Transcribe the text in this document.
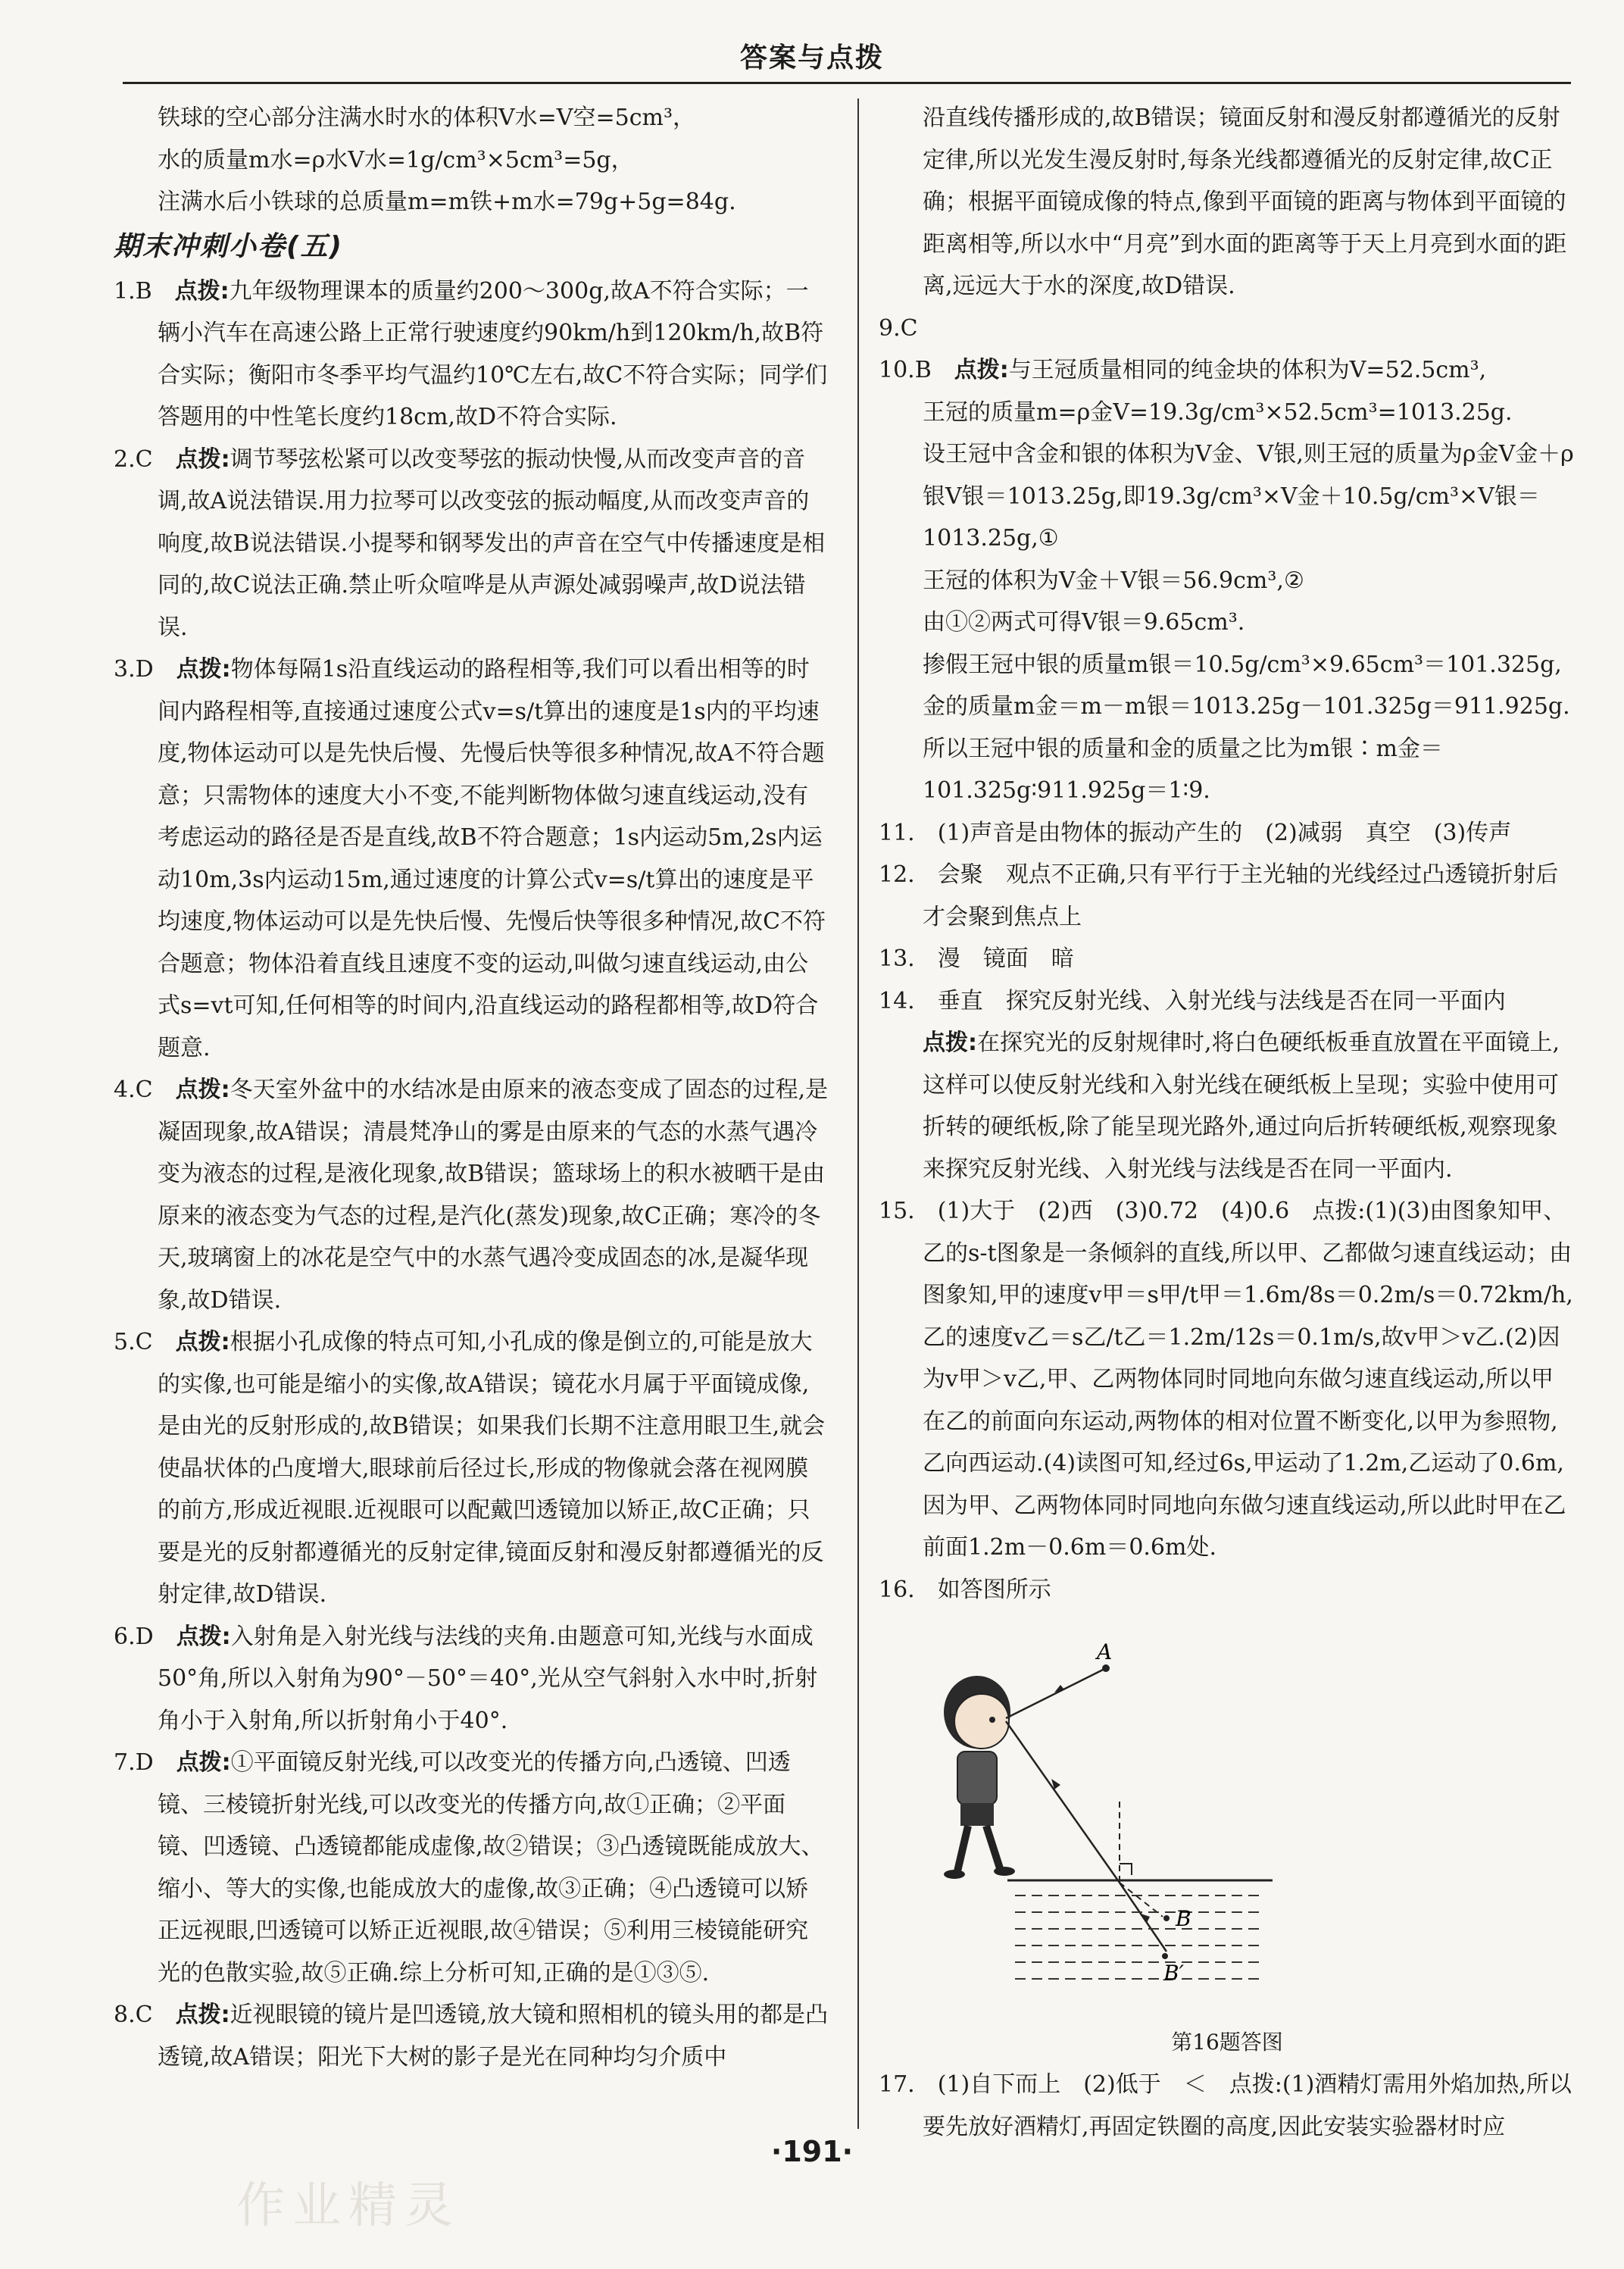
答案与点拨

铁球的空心部分注满水时水的体积V水=V空=5cm³，

水的质量m水=ρ水V水=1g/cm³×5cm³=5g，

注满水后小铁球的总质量m=m铁+m水=79g+5g=84g.

期末冲刺小卷(五)

1.B　 点拨:九年级物理课本的质量约200～300g,故A不符合实际；一辆小汽车在高速公路上正常行驶速度约90km/h到120km/h,故B符合实际；衡阳市冬季平均气温约10℃左右,故C不符合实际；同学们答题用的中性笔长度约18cm,故D不符合实际.

2.C　 点拨:调节琴弦松紧可以改变琴弦的振动快慢,从而改变声音的音调,故A说法错误.用力拉琴可以改变弦的振动幅度,从而改变声音的响度,故B说法错误.小提琴和钢琴发出的声音在空气中传播速度是相同的,故C说法正确.禁止听众喧哗是从声源处减弱噪声,故D说法错误.

3.D　 点拨:物体每隔1s沿直线运动的路程相等,我们可以看出相等的时间内路程相等,直接通过速度公式v=s/t算出的速度是1s内的平均速度,物体运动可以是先快后慢、先慢后快等很多种情况,故A不符合题意；只需物体的速度大小不变,不能判断物体做匀速直线运动,没有考虑运动的路径是否是直线,故B不符合题意；1s内运动5m,2s内运动10m,3s内运动15m,通过速度的计算公式v=s/t算出的速度是平均速度,物体运动可以是先快后慢、先慢后快等很多种情况,故C不符合题意；物体沿着直线且速度不变的运动,叫做匀速直线运动,由公式s=vt可知,任何相等的时间内,沿直线运动的路程都相等,故D符合题意.

4.C　 点拨:冬天室外盆中的水结冰是由原来的液态变成了固态的过程,是凝固现象,故A错误；清晨梵净山的雾是由原来的气态的水蒸气遇冷变为液态的过程,是液化现象,故B错误；篮球场上的积水被晒干是由原来的液态变为气态的过程,是汽化(蒸发)现象,故C正确；寒冷的冬天,玻璃窗上的冰花是空气中的水蒸气遇冷变成固态的冰,是凝华现象,故D错误.

5.C　 点拨:根据小孔成像的特点可知,小孔成的像是倒立的,可能是放大的实像,也可能是缩小的实像,故A错误；镜花水月属于平面镜成像,是由光的反射形成的,故B错误；如果我们长期不注意用眼卫生,就会使晶状体的凸度增大,眼球前后径过长,形成的物像就会落在视网膜的前方,形成近视眼.近视眼可以配戴凹透镜加以矫正,故C正确；只要是光的反射都遵循光的反射定律,镜面反射和漫反射都遵循光的反射定律,故D错误.

6.D　 点拨:入射角是入射光线与法线的夹角.由题意可知,光线与水面成50°角,所以入射角为90°－50°＝40°,光从空气斜射入水中时,折射角小于入射角,所以折射角小于40°.

7.D　 点拨:①平面镜反射光线,可以改变光的传播方向,凸透镜、凹透镜、三棱镜折射光线,可以改变光的传播方向,故①正确；②平面镜、凹透镜、凸透镜都能成虚像,故②错误；③凸透镜既能成放大、缩小、等大的实像,也能成放大的虚像,故③正确；④凸透镜可以矫正远视眼,凹透镜可以矫正近视眼,故④错误；⑤利用三棱镜能研究光的色散实验,故⑤正确.综上分析可知,正确的是①③⑤.

8.C　 点拨:近视眼镜的镜片是凹透镜,放大镜和照相机的镜头用的都是凸透镜,故A错误；阳光下大树的影子是光在同种均匀介质中

沿直线传播形成的,故B错误；镜面反射和漫反射都遵循光的反射定律,所以光发生漫反射时,每条光线都遵循光的反射定律,故C正确；根据平面镜成像的特点,像到平面镜的距离与物体到平面镜的距离相等,所以水中“月亮”到水面的距离等于天上月亮到水面的距离,远远大于水的深度,故D错误.

9.C　

10.B　 点拨:与王冠质量相同的纯金块的体积为V=52.5cm³,

王冠的质量m=ρ金V=19.3g/cm³×52.5cm³=1013.25g.

设王冠中含金和银的体积为V金、V银,则王冠的质量为ρ金V金＋ρ银V银＝1013.25g,即19.3g/cm³×V金＋10.5g/cm³×V银＝1013.25g,①

王冠的体积为V金＋V银＝56.9cm³,②

由①②两式可得V银＝9.65cm³.

掺假王冠中银的质量m银＝10.5g/cm³×9.65cm³＝101.325g,金的质量m金＝m－m银＝1013.25g－101.325g＝911.925g.

所以王冠中银的质量和金的质量之比为m银∶m金＝101.325g∶911.925g＝1∶9.

11.　 (1)声音是由物体的振动产生的　(2)减弱　真空　(3)传声

12.　 会聚　观点不正确,只有平行于主光轴的光线经过凸透镜折射后才会聚到焦点上

13.　 漫　镜面　暗

14.　 垂直　探究反射光线、入射光线与法线是否在同一平面内

点拨:在探究光的反射规律时,将白色硬纸板垂直放置在平面镜上,这样可以使反射光线和入射光线在硬纸板上呈现；实验中使用可折转的硬纸板,除了能呈现光路外,通过向后折转硬纸板,观察现象来探究反射光线、入射光线与法线是否在同一平面内.

15.　 (1)大于　(2)西　(3)0.72　(4)0.6　点拨:(1)(3)由图象知甲、乙的s-t图象是一条倾斜的直线,所以甲、乙都做匀速直线运动；由图象知,甲的速度v甲＝s甲/t甲＝1.6m/8s＝0.2m/s＝0.72km/h,乙的速度v乙＝s乙/t乙＝1.2m/12s＝0.1m/s,故v甲＞v乙.(2)因为v甲＞v乙,甲、乙两物体同时同地向东做匀速直线运动,所以甲在乙的前面向东运动,两物体的相对位置不断变化,以甲为参照物,乙向西运动.(4)读图可知,经过6s,甲运动了1.2m,乙运动了0.6m,因为甲、乙两物体同时同地向东做匀速直线运动,所以此时甲在乙前面1.2m－0.6m＝0.6m处.

16.　 如答图所示

A
B
B′
第16题答图

17.　 (1)自下而上　(2)低于　＜　点拨:(1)酒精灯需用外焰加热,所以要先放好酒精灯,再固定铁圈的高度,因此安装实验器材时应

·191·
作业精灵
